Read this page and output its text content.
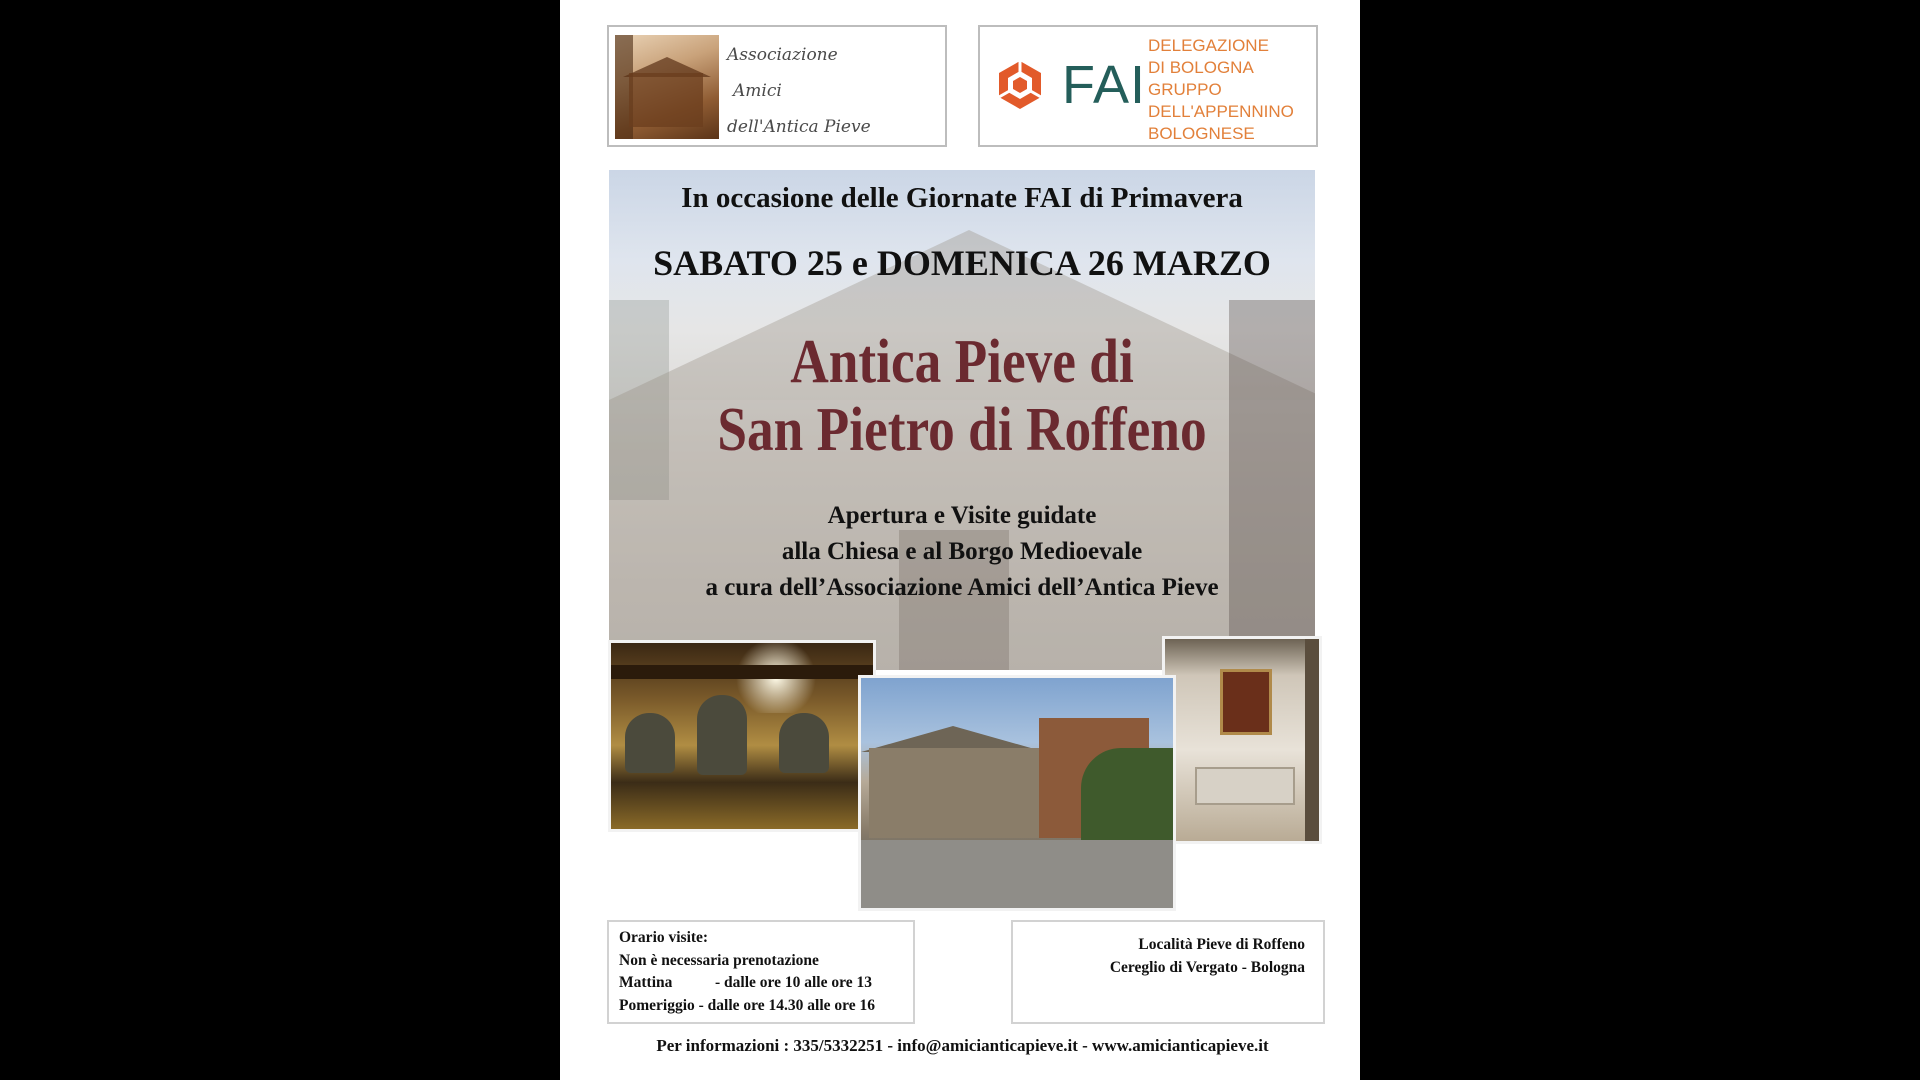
Associazione
Amici
dell'Antica Pieve
FAI
DELEGAZIONE
DI BOLOGNA
GRUPPO
DELL'APPENNINO
BOLOGNESE
In occasione delle Giornate FAI di Primavera
SABATO 25 e DOMENICA 26 MARZO
Antica Pieve di
San Pietro di Roffeno
Apertura e Visite guidate
alla Chiesa e al Borgo Medioevale
a cura dell’Associazione Amici dell’Antica Pieve
Orario visite:
Non è necessaria prenotazione
Mattina	- dalle ore 10 alle ore 13
Pomeriggio - dalle ore 14.30 alle ore 16
Località Pieve di Roffeno
Cereglio di Vergato - Bologna
Per informazioni : 335/5332251 - info@amicianticapieve.it - www.amicianticapieve.it
